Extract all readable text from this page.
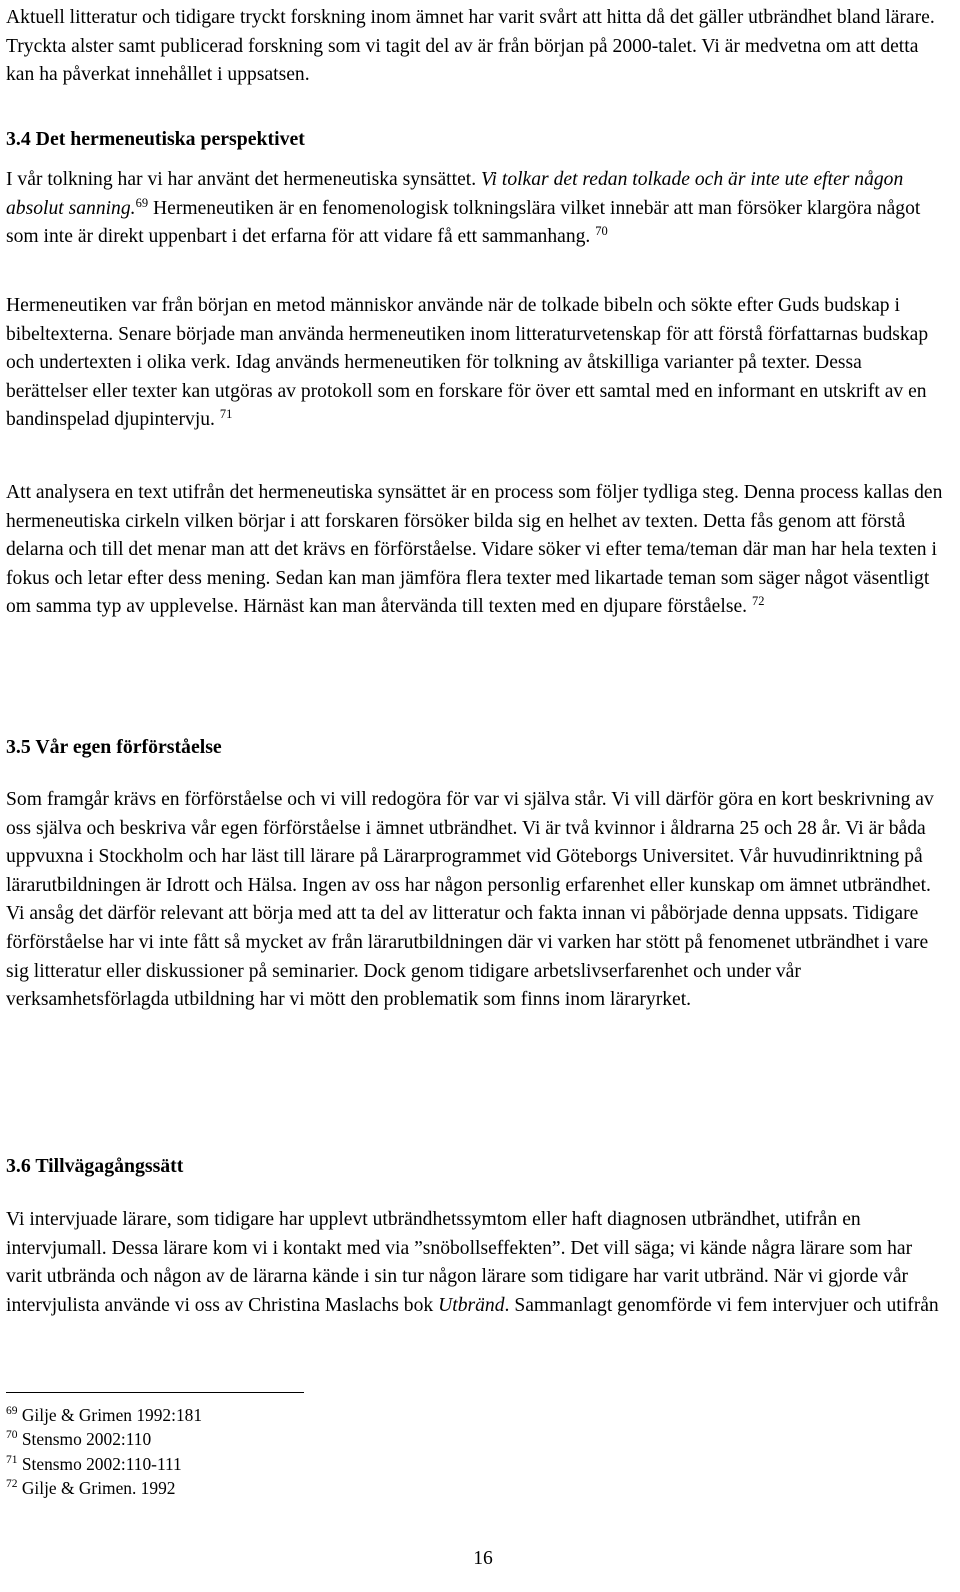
Aktuell litteratur och tidigare tryckt forskning inom ämnet har varit svårt att hitta då det gäller utbrändhet bland lärare. Tryckta alster samt publicerad forskning som vi tagit del av är från början på 2000-talet. Vi är medvetna om att detta kan ha påverkat innehållet i uppsatsen.

3.4 Det hermeneutiska perspektivet

I vår tolkning har vi har använt det hermeneutiska synsättet. Vi tolkar det redan tolkade och är inte ute efter någon absolut sanning.$^{69}$ Hermeneutiken är en fenomenologisk tolkningslära vilket innebär att man försöker klargöra något som inte är direkt uppenbart i det erfarna för att vidare få ett sammanhang. $^{70}$

Hermeneutiken var från början en metod människor använde när de tolkade bibeln och sökte efter Guds budskap i bibeltexterna. Senare började man använda hermeneutiken inom litteraturvetenskap för att förstå författarnas budskap och undertexten i olika verk. Idag används hermeneutiken för tolkning av åtskilliga varianter på texter. Dessa berättelser eller texter kan utgöras av protokoll som en forskare för över ett samtal med en informant en utskrift av en bandinspelad djupintervju. $^{71}$

Att analysera en text utifrån det hermeneutiska synsättet är en process som följer tydliga steg. Denna process kallas den hermeneutiska cirkeln vilken börjar i att forskaren försöker bilda sig en helhet av texten. Detta fås genom att förstå delarna och till det menar man att det krävs en förförståelse. Vidare söker vi efter tema/teman där man har hela texten i fokus och letar efter dess mening. Sedan kan man jämföra flera texter med likartade teman som säger något väsentligt om samma typ av upplevelse. Härnäst kan man återvända till texten med en djupare förståelse. $^{72}$

3.5 Vår egen förförståelse

Som framgår krävs en förförståelse och vi vill redogöra för var vi själva står. Vi vill därför göra en kort beskrivning av oss själva och beskriva vår egen förförståelse i ämnet utbrändhet. Vi är två kvinnor i åldrarna 25 och 28 år. Vi är båda uppvuxna i Stockholm och har läst till lärare på Lärarprogrammet vid Göteborgs Universitet. Vår huvudinriktning på lärarutbildningen är Idrott och Hälsa. Ingen av oss har någon personlig erfarenhet eller kunskap om ämnet utbrändhet. Vi ansåg det därför relevant att börja med att ta del av litteratur och fakta innan vi påbörjade denna uppsats. Tidigare förförståelse har vi inte fått så mycket av från lärarutbildningen där vi varken har stött på fenomenet utbrändhet i vare sig litteratur eller diskussioner på seminarier. Dock genom tidigare arbetslivserfarenhet och under vår verksamhetsförlagda utbildning har vi mött den problematik som finns inom läraryrket.

3.6 Tillvägagångssätt

Vi intervjuade lärare, som tidigare har upplevt utbrändhetssymtom eller haft diagnosen utbrändhet, utifrån en intervjumall. Dessa lärare kom vi i kontakt med via ”snöbollseffekten”. Det vill säga; vi kände några lärare som har varit utbrända och någon av de lärarna kände i sin tur någon lärare som tidigare har varit utbränd. När vi gjorde vår intervjulista använde vi oss av Christina Maslachs bok Utbränd. Sammanlagt genomförde vi fem intervjuer och utifrån

$^{69}$ Gilje & Grimen 1992:181

$^{70}$ Stensmo 2002:110

$^{71}$ Stensmo 2002:110-111

$^{72}$ Gilje & Grimen. 1992

16
